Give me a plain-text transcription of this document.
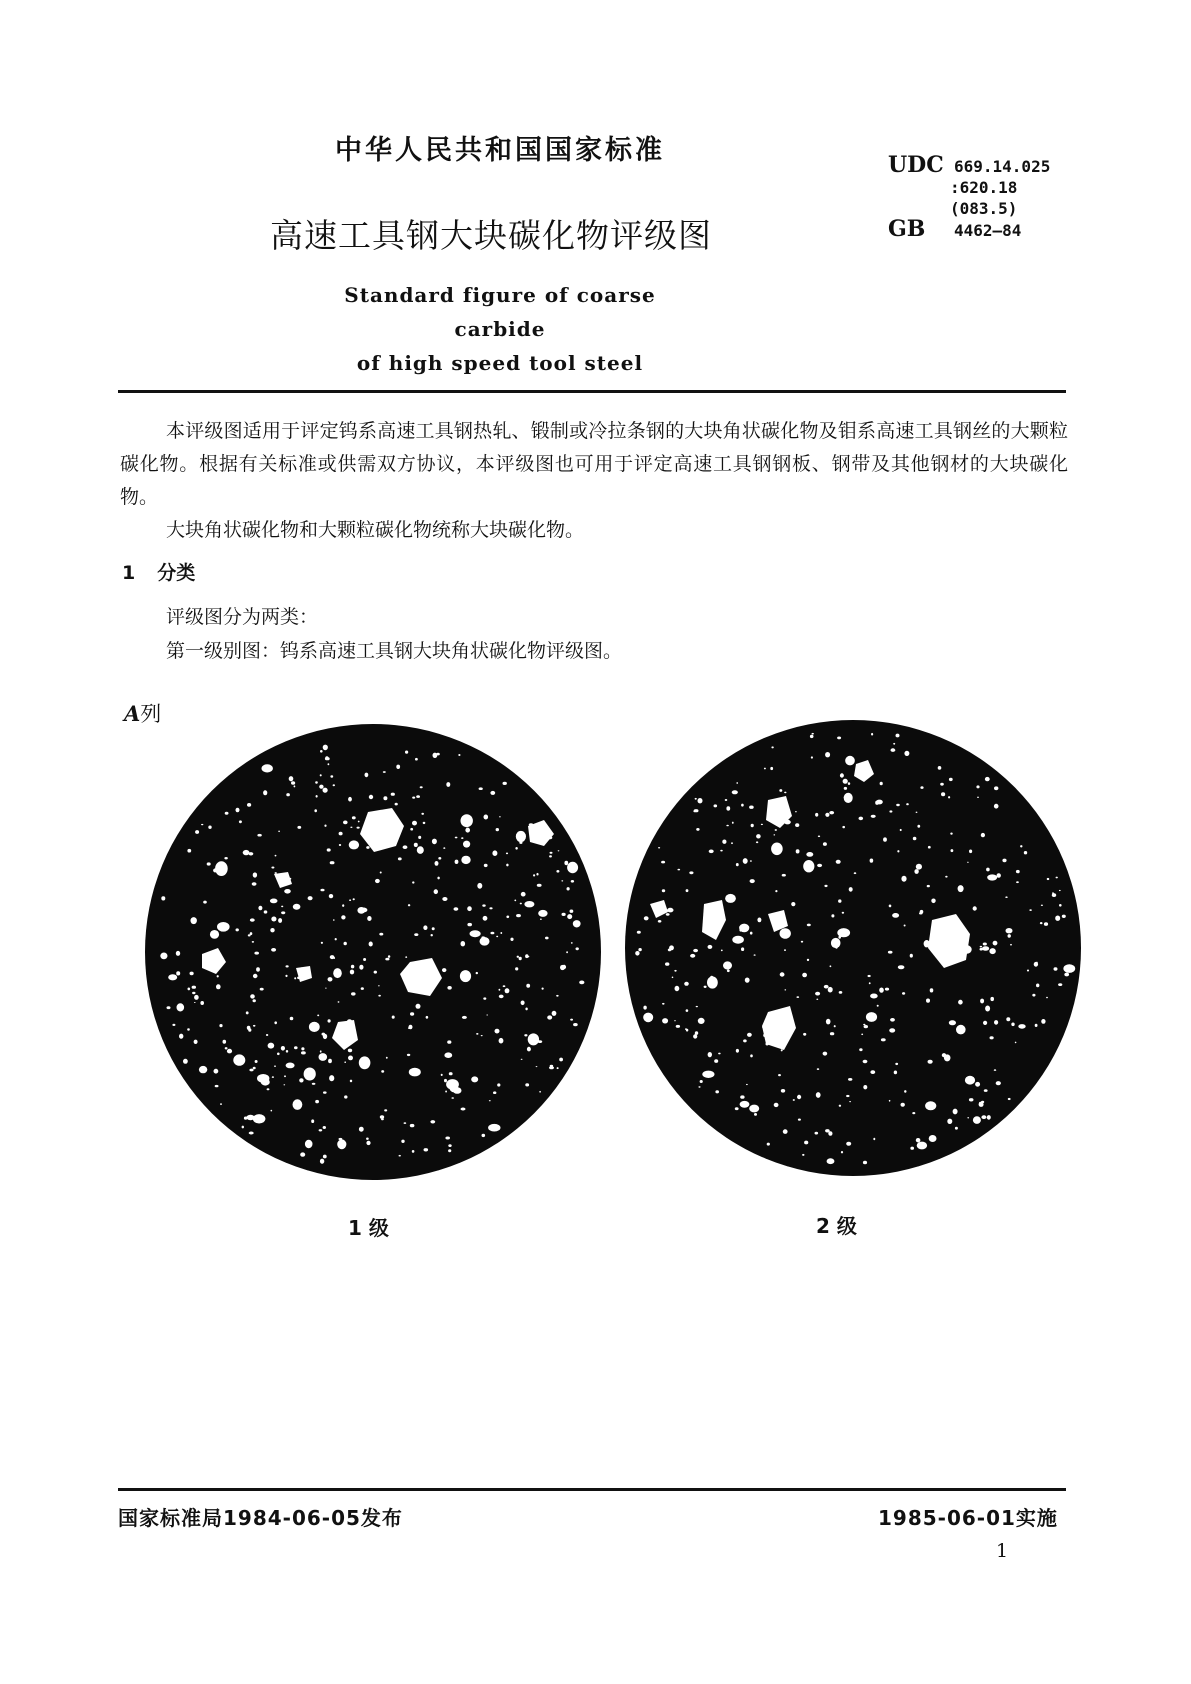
中华人民共和国国家标准
高速工具钢大块碳化物评级图
Standard figure of coarse carbide
of high speed tool steel
UDC 669.14.025
:620.18
(083.5)
GB 4462—84
本评级图适用于评定钨系高速工具钢热轧、锻制或冷拉条钢的大块角状碳化物及钼系高速工具钢丝的大颗粒碳化物。根据有关标准或供需双方协议，本评级图也可用于评定高速工具钢钢板、钢带及其他钢材的大块碳化物。
大块角状碳化物和大颗粒碳化物统称大块碳化物。
1 分类
评级图分为两类：
第一级别图：钨系高速工具钢大块角状碳化物评级图。
A列
1 级	2 级
国家标准局1984-06-05发布	1985-06-01实施
1
